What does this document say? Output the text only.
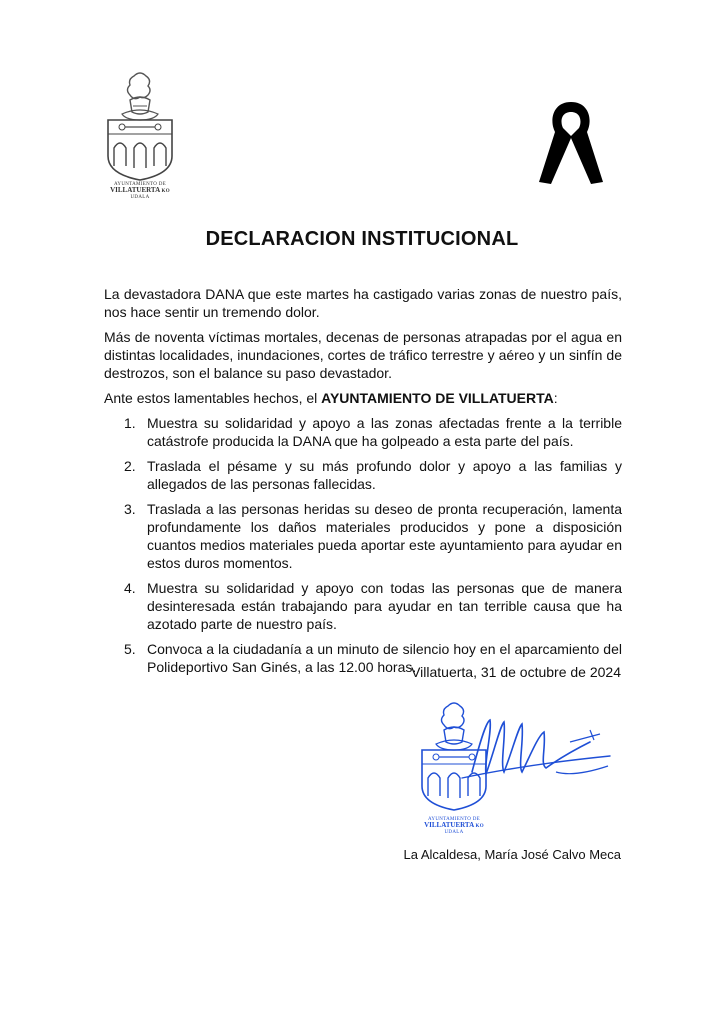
AYUNTAMIENTO DE
VILLATUERTA KO
UDALA
DECLARACION INSTITUCIONAL

La devastadora DANA que este martes ha castigado varias zonas de nuestro país, nos hace sentir un tremendo dolor.

Más de noventa víctimas mortales, decenas de personas atrapadas por el agua en distintas localidades, inundaciones, cortes de tráfico terrestre y aéreo y un sinfín de destrozos, son el balance su paso devastador.

Ante estos lamentables hechos, el AYUNTAMIENTO DE VILLATUERTA:

1. Muestra su solidaridad y apoyo a las zonas afectadas frente a la terrible catástrofe producida la DANA que ha golpeado a esta parte del país.
2. Traslada el pésame y su más profundo dolor y apoyo a las familias y allegados de las personas fallecidas.
3. Traslada a las personas heridas su deseo de pronta recuperación, lamenta profundamente los daños materiales producidos y pone a disposición cuantos medios materiales pueda aportar este ayuntamiento para ayudar en estos duros momentos.
4. Muestra su solidaridad y apoyo con todas las personas que de manera desinteresada están trabajando para ayudar en tan terrible causa que ha azotado parte de nuestro país.
5. Convoca a la ciudadanía a un minuto de silencio hoy en el aparcamiento del Polideportivo San Ginés, a las 12.00 horas.
Villatuerta, 31 de octubre de 2024
AYUNTAMIENTO DE
VILLATUERTA KO
UDALA
La Alcaldesa, María José Calvo Meca
